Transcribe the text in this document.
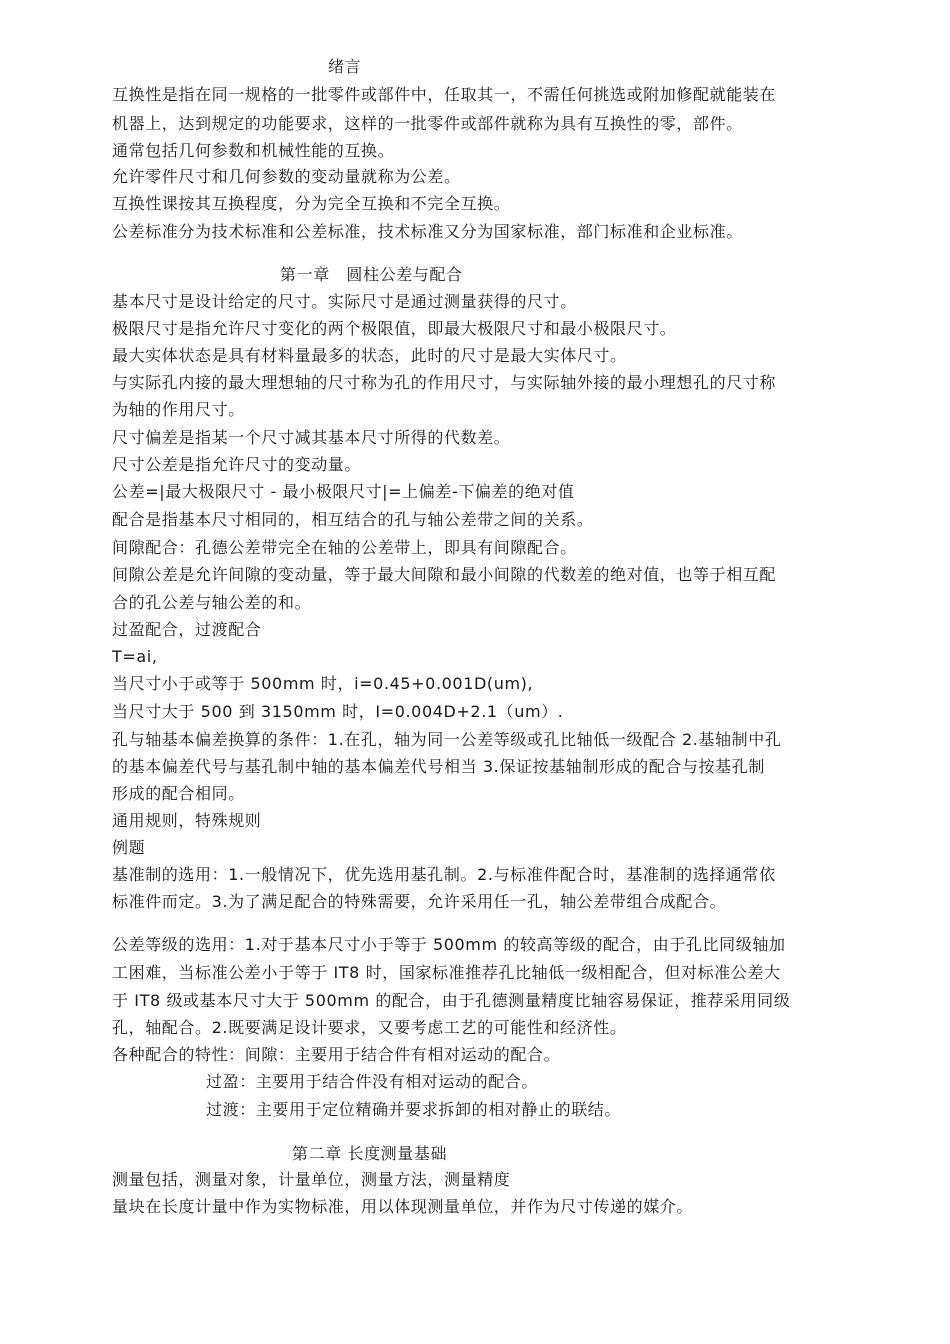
绪言
互换性是指在同一规格的一批零件或部件中，任取其一，不需任何挑选或附加修配就能装在
机器上，达到规定的功能要求，这样的一批零件或部件就称为具有互换性的零，部件。
通常包括几何参数和机械性能的互换。
允许零件尺寸和几何参数的变动量就称为公差。
互换性课按其互换程度，分为完全互换和不完全互换。
公差标准分为技术标准和公差标准，技术标准又分为国家标准，部门标准和企业标准。
第一章　圆柱公差与配合
基本尺寸是设计给定的尺寸。实际尺寸是通过测量获得的尺寸。
极限尺寸是指允许尺寸变化的两个极限值，即最大极限尺寸和最小极限尺寸。
最大实体状态是具有材料量最多的状态，此时的尺寸是最大实体尺寸。
与实际孔内接的最大理想轴的尺寸称为孔的作用尺寸，与实际轴外接的最小理想孔的尺寸称
为轴的作用尺寸。
尺寸偏差是指某一个尺寸减其基本尺寸所得的代数差。
尺寸公差是指允许尺寸的变动量。
公差=|最大极限尺寸 - 最小极限尺寸|=上偏差-下偏差的绝对值
配合是指基本尺寸相同的，相互结合的孔与轴公差带之间的关系。
间隙配合：孔德公差带完全在轴的公差带上，即具有间隙配合。
间隙公差是允许间隙的变动量，等于最大间隙和最小间隙的代数差的绝对值，也等于相互配
合的孔公差与轴公差的和。
过盈配合，过渡配合
T=ai,
当尺寸小于或等于 500mm 时，i=0.45+0.001D(um),
当尺寸大于 500 到 3150mm 时，I=0.004D+2.1（um）.
孔与轴基本偏差换算的条件：1.在孔，轴为同一公差等级或孔比轴低一级配合 2.基轴制中孔
的基本偏差代号与基孔制中轴的基本偏差代号相当 3.保证按基轴制形成的配合与按基孔制
形成的配合相同。
通用规则，特殊规则
例题
基准制的选用：1.一般情况下，优先选用基孔制。2.与标准件配合时，基准制的选择通常依
标准件而定。3.为了满足配合的特殊需要，允许采用任一孔，轴公差带组合成配合。
公差等级的选用：1.对于基本尺寸小于等于 500mm 的较高等级的配合，由于孔比同级轴加
工困难，当标准公差小于等于 IT8 时，国家标准推荐孔比轴低一级相配合，但对标准公差大
于 IT8 级或基本尺寸大于 500mm 的配合，由于孔德测量精度比轴容易保证，推荐采用同级
孔，轴配合。2.既要满足设计要求，又要考虑工艺的可能性和经济性。
各种配合的特性：间隙：主要用于结合件有相对运动的配合。
过盈：主要用于结合件没有相对运动的配合。
过渡：主要用于定位精确并要求拆卸的相对静止的联结。
第二章 长度测量基础
测量包括，测量对象，计量单位，测量方法，测量精度
量块在长度计量中作为实物标准，用以体现测量单位，并作为尺寸传递的媒介。
